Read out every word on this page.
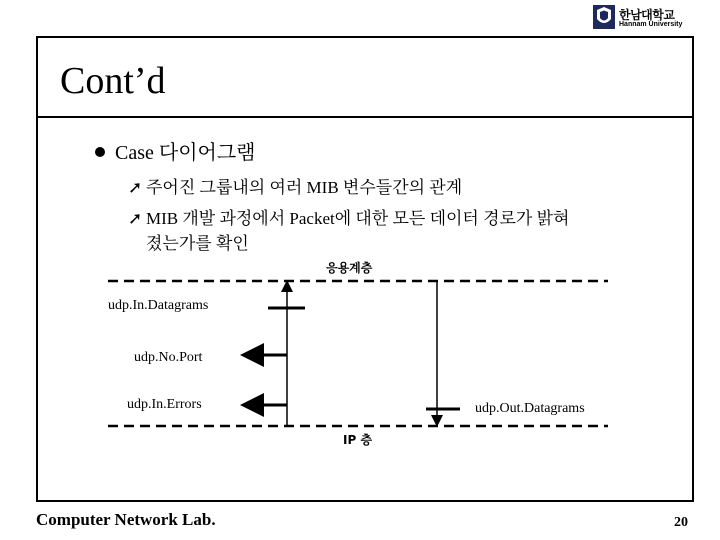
한남대학교
Hannam University
Cont’d
Case 다이어그램
➚ 주어진 그룹내의 여러 MIB 변수들간의 관계
➚ MIB 개발 과정에서 Packet에 대한 모든 데이터 경로가 밝혀
졌는가를 확인
응용계층
IP 층
udp.In.Datagrams
udp.No.Port
udp.In.Errors	udp.Out.Datagrams
Computer Network Lab.	20
